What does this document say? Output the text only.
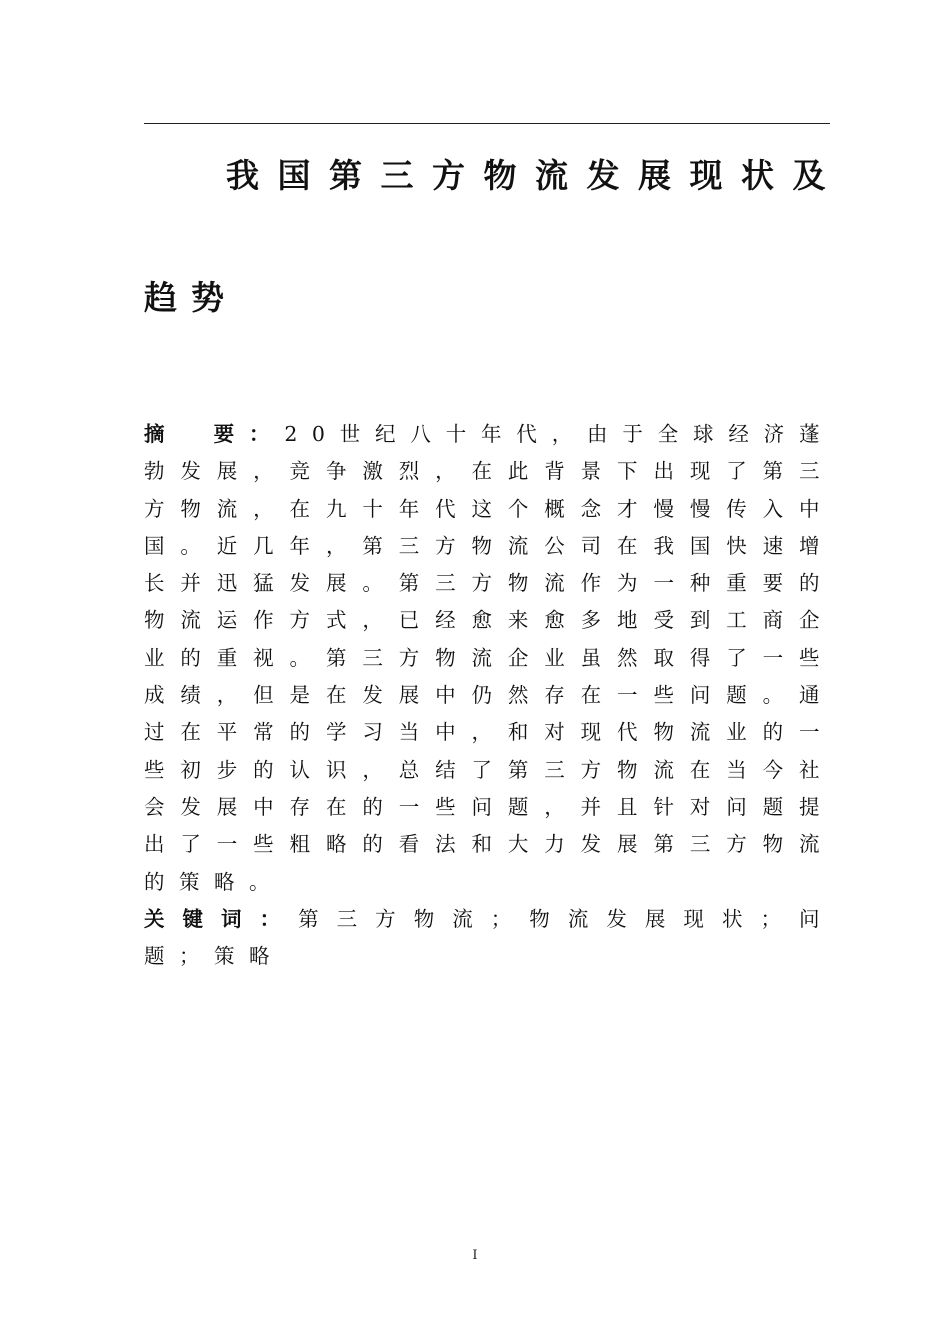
我国第三方物流发展现状及
趋势

摘 要：20世纪八十年代，由于全球经济蓬勃发展，竞争激烈，在此背景下出现了第三方物流，在九十年代这个概念才慢慢传入中国。近几年，第三方物流公司在我国快速增长并迅猛发展。第三方物流作为一种重要的物流运作方式，已经愈来愈多地受到工商企业的重视。第三方物流企业虽然取得了一些成绩，但是在发展中仍然存在一些问题。通过在平常的学习当中，和对现代物流业的一些初步的认识，总结了第三方物流在当今社会发展中存在的一些问题，并且针对问题提出了一些粗略的看法和大力发展第三方物流的策略。

关键词：第三方物流；物流发展现状；问题；策略

I
